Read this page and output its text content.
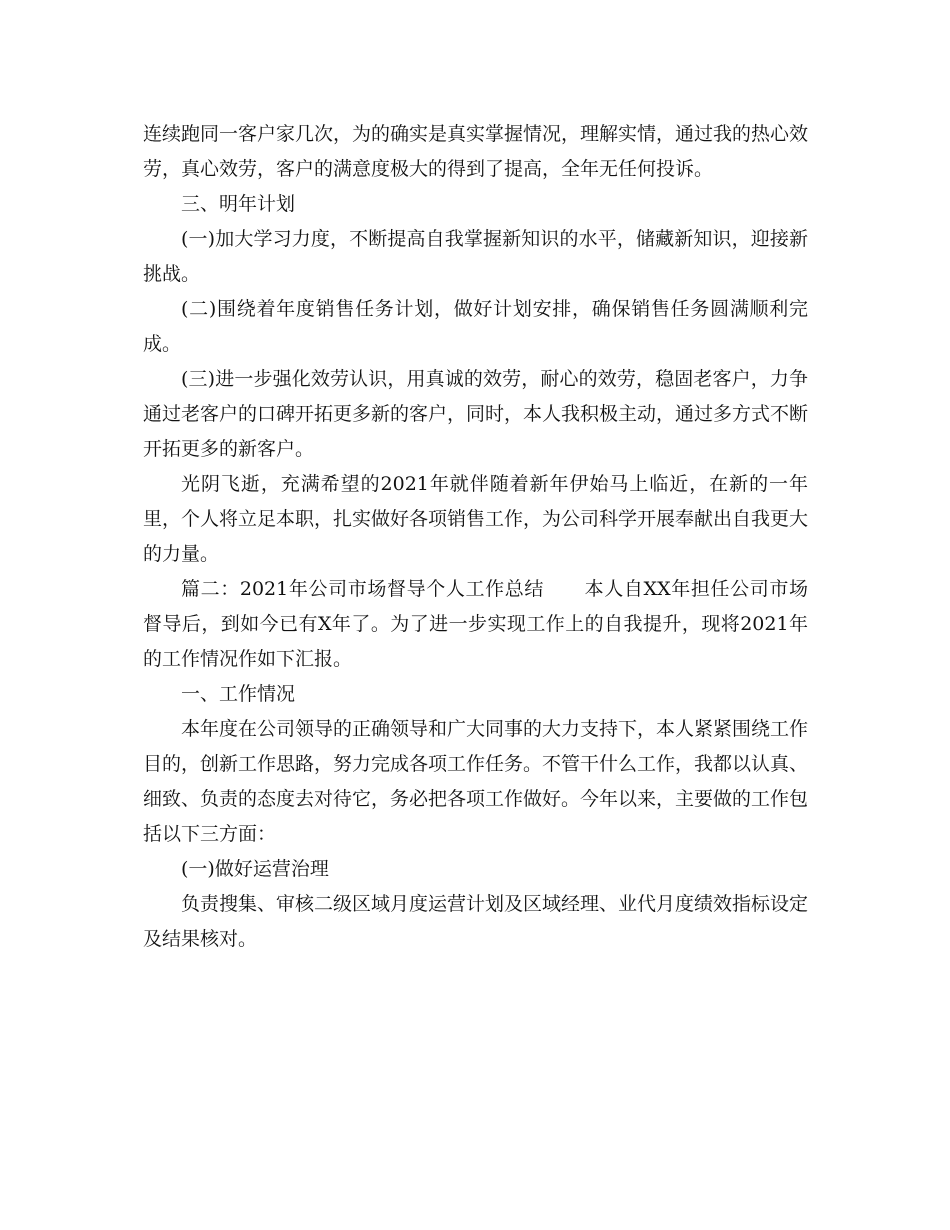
连续跑同一客户家几次，为的确实是真实掌握情况，理解实情，通过我的热心效劳，真心效劳，客户的满意度极大的得到了提高，全年无任何投诉。

三、明年计划

(一)加大学习力度，不断提高自我掌握新知识的水平，储藏新知识，迎接新挑战。

(二)围绕着年度销售任务计划，做好计划安排，确保销售任务圆满顺利完成。

(三)进一步强化效劳认识，用真诚的效劳，耐心的效劳，稳固老客户，力争通过老客户的口碑开拓更多新的客户，同时，本人我积极主动，通过多方式不断开拓更多的新客户。

光阴飞逝，充满希望的2021年就伴随着新年伊始马上临近，在新的一年里，个人将立足本职，扎实做好各项销售工作，为公司科学开展奉献出自我更大的力量。

篇二：2021年公司市场督导个人工作总结 本人自XX年担任公司市场督导后，到如今已有X年了。为了进一步实现工作上的自我提升，现将2021年的工作情况作如下汇报。

一、工作情况

本年度在公司领导的正确领导和广大同事的大力支持下，本人紧紧围绕工作目的，创新工作思路，努力完成各项工作任务。不管干什么工作，我都以认真、细致、负责的态度去对待它，务必把各项工作做好。今年以来，主要做的工作包括以下三方面：

(一)做好运营治理

负责搜集、审核二级区域月度运营计划及区域经理、业代月度绩效指标设定及结果核对。
